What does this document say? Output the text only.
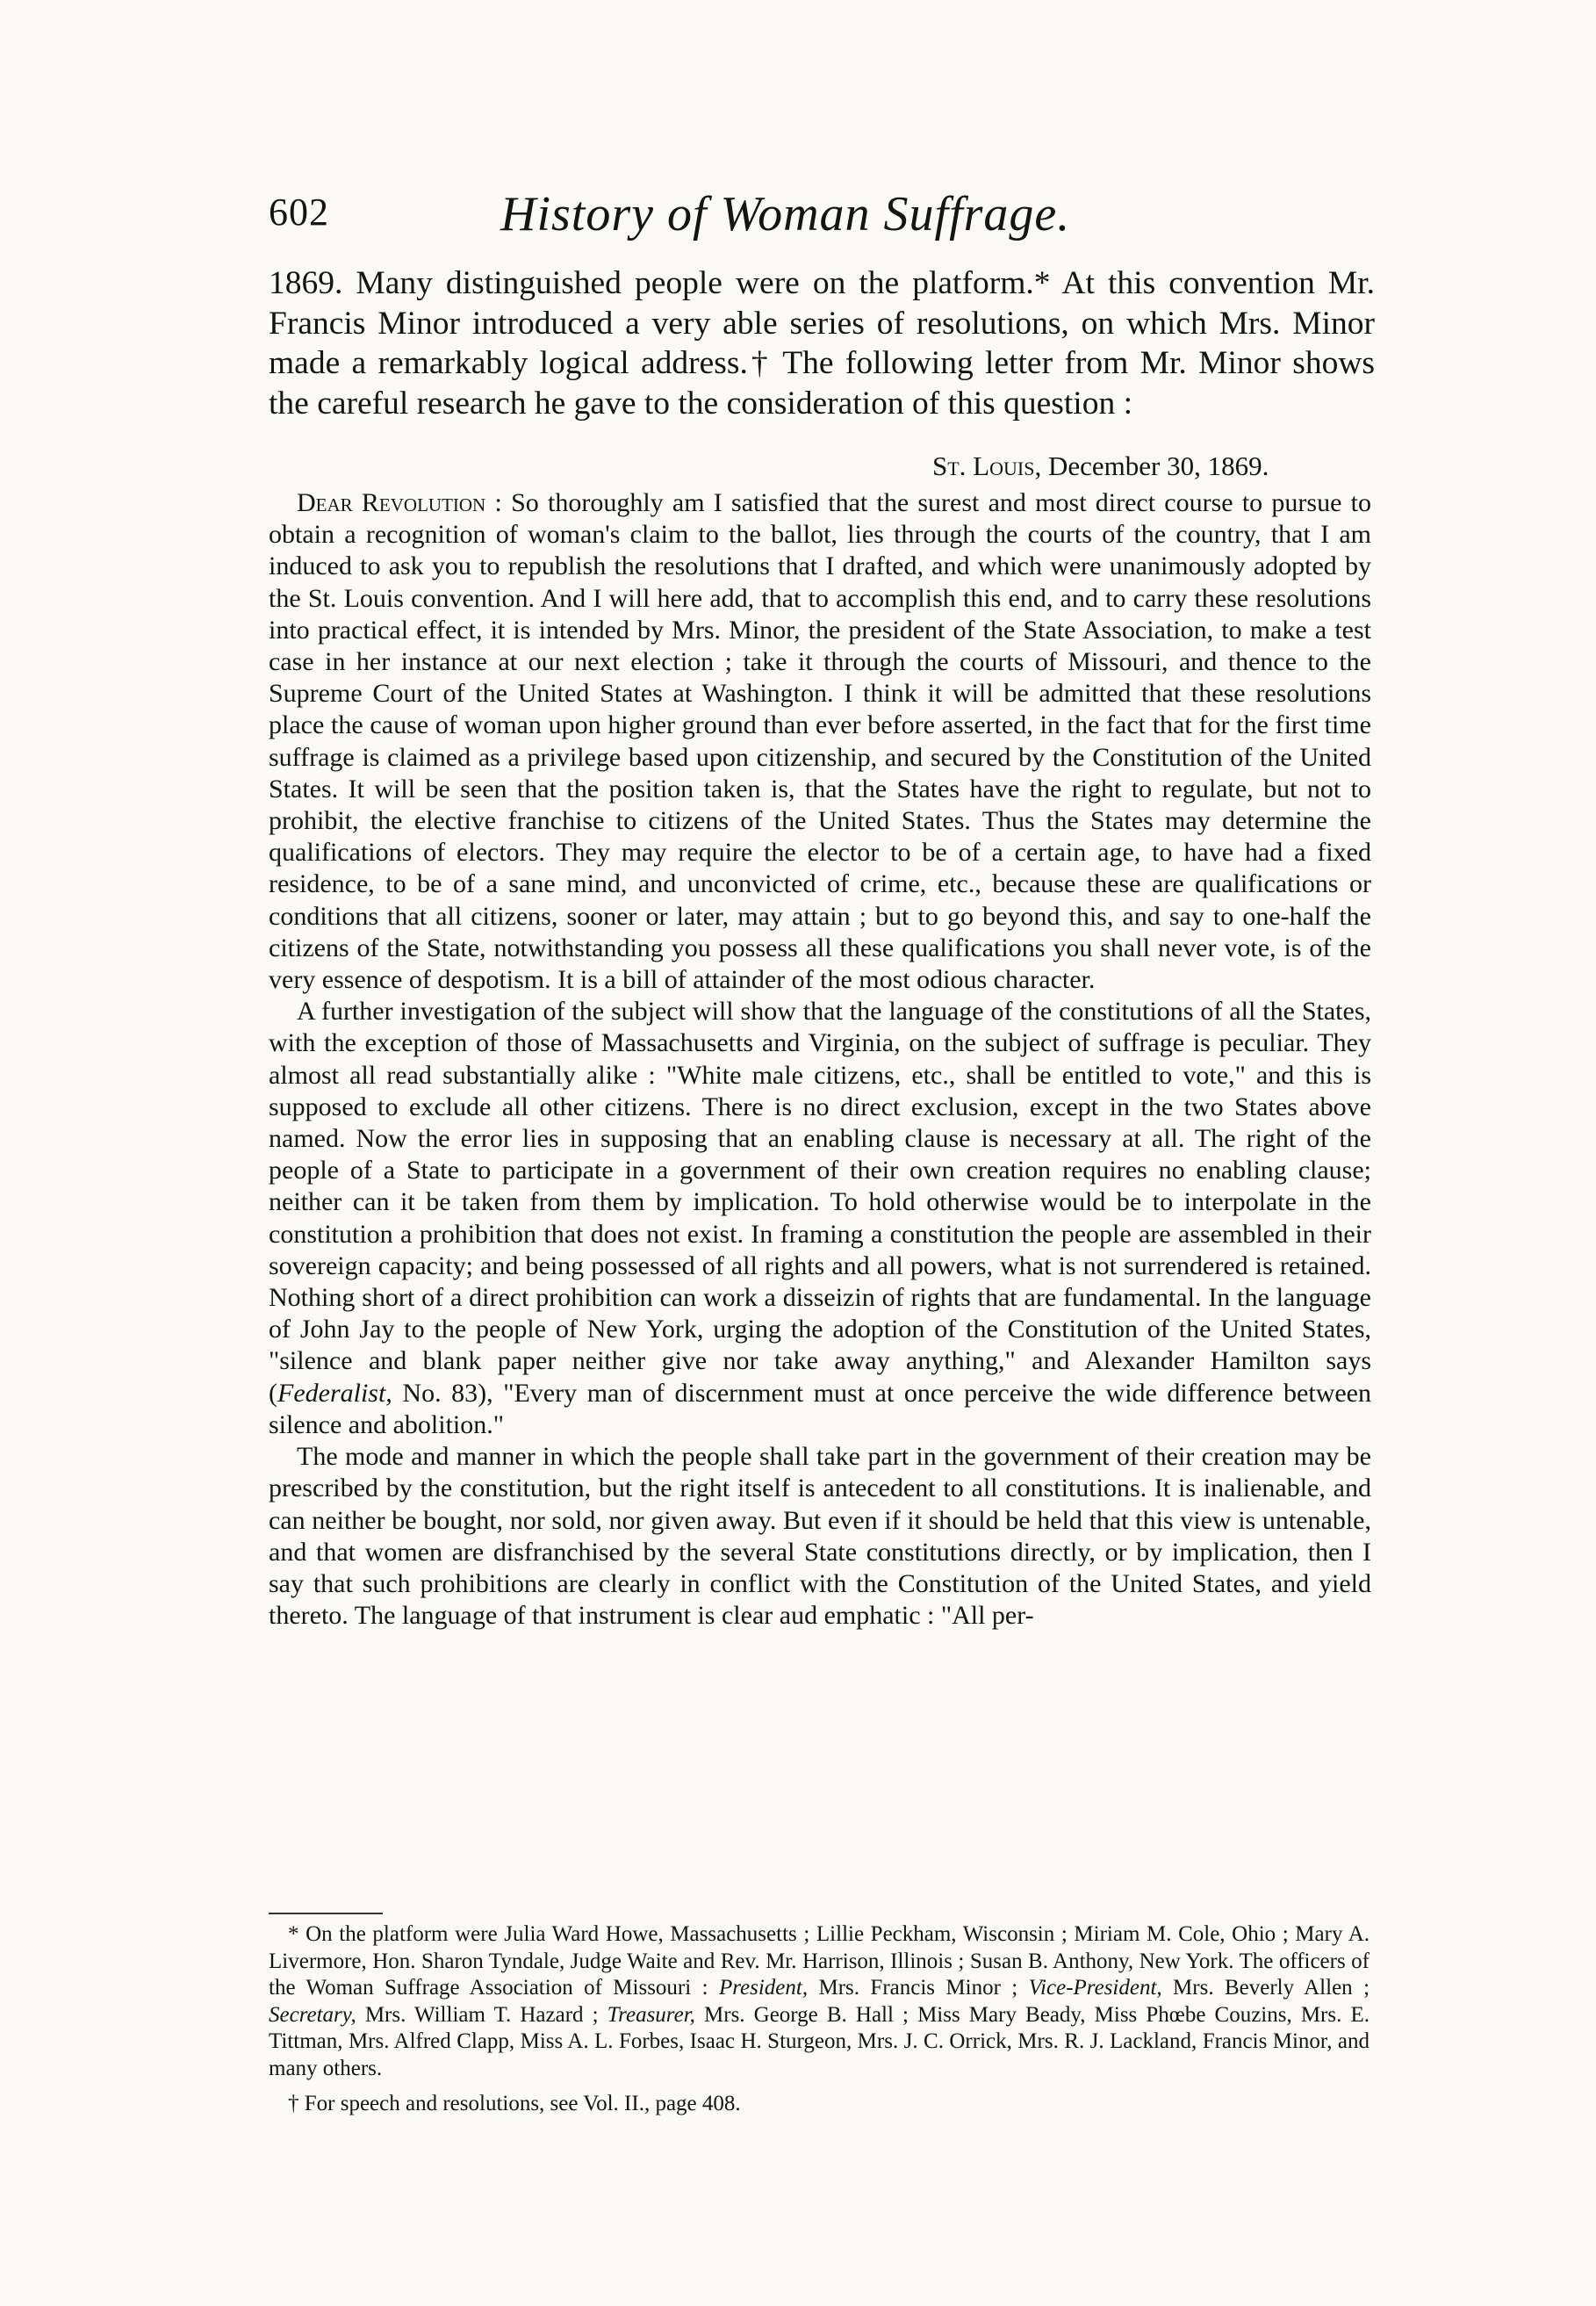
602	History of Woman Suffrage.

1869. Many distinguished people were on the platform.* At this convention Mr. Francis Minor introduced a very able series of resolutions, on which Mrs. Minor made a remarkably logical address.† The following letter from Mr. Minor shows the careful research he gave to the consideration of this question :

St. Louis, December 30, 1869.

Dear Revolution : So thoroughly am I satisfied that the surest and most direct course to pursue to obtain a recognition of woman's claim to the ballot, lies through the courts of the country, that I am induced to ask you to republish the resolutions that I drafted, and which were unanimously adopted by the St. Louis convention. And I will here add, that to accomplish this end, and to carry these resolutions into practical effect, it is intended by Mrs. Minor, the president of the State Association, to make a test case in her instance at our next election ; take it through the courts of Missouri, and thence to the Supreme Court of the United States at Washington. I think it will be admitted that these resolutions place the cause of woman upon higher ground than ever before asserted, in the fact that for the first time suffrage is claimed as a privilege based upon citizenship, and secured by the Constitution of the United States. It will be seen that the position taken is, that the States have the right to regulate, but not to prohibit, the elective franchise to citizens of the United States. Thus the States may determine the qualifications of electors. They may require the elector to be of a certain age, to have had a fixed residence, to be of a sane mind, and unconvicted of crime, etc., because these are qualifications or conditions that all citizens, sooner or later, may attain ; but to go beyond this, and say to one-half the citizens of the State, notwithstanding you possess all these qualifications you shall never vote, is of the very essence of despotism. It is a bill of attainder of the most odious character.

A further investigation of the subject will show that the language of the constitutions of all the States, with the exception of those of Massachusetts and Virginia, on the subject of suffrage is peculiar. They almost all read substantially alike : "White male citizens, etc., shall be entitled to vote," and this is supposed to exclude all other citizens. There is no direct exclusion, except in the two States above named. Now the error lies in supposing that an enabling clause is necessary at all. The right of the people of a State to participate in a government of their own creation requires no enabling clause; neither can it be taken from them by implication. To hold otherwise would be to interpolate in the constitution a prohibition that does not exist. In framing a constitution the people are assembled in their sovereign capacity; and being possessed of all rights and all powers, what is not surrendered is retained. Nothing short of a direct prohibition can work a disseizin of rights that are fundamental. In the language of John Jay to the people of New York, urging the adoption of the Constitution of the United States, "silence and blank paper neither give nor take away anything," and Alexander Hamilton says (Federalist, No. 83), "Every man of discernment must at once perceive the wide difference between silence and abolition."

The mode and manner in which the people shall take part in the government of their creation may be prescribed by the constitution, but the right itself is antecedent to all constitutions. It is inalienable, and can neither be bought, nor sold, nor given away. But even if it should be held that this view is untenable, and that women are disfranchised by the several State constitutions directly, or by implication, then I say that such prohibitions are clearly in conflict with the Constitution of the United States, and yield thereto. The language of that instrument is clear aud emphatic : "All per-

* On the platform were Julia Ward Howe, Massachusetts ; Lillie Peckham, Wisconsin ; Miriam M. Cole, Ohio ; Mary A. Livermore, Hon. Sharon Tyndale, Judge Waite and Rev. Mr. Harrison, Illinois ; Susan B. Anthony, New York. The officers of the Woman Suffrage Association of Missouri : President, Mrs. Francis Minor ; Vice-President, Mrs. Beverly Allen ; Secretary, Mrs. William T. Hazard ; Treasurer, Mrs. George B. Hall ; Miss Mary Beady, Miss Phœbe Couzins, Mrs. E. Tittman, Mrs. Alfred Clapp, Miss A. L. Forbes, Isaac H. Sturgeon, Mrs. J. C. Orrick, Mrs. R. J. Lackland, Francis Minor, and many others.

† For speech and resolutions, see Vol. II., page 408.
